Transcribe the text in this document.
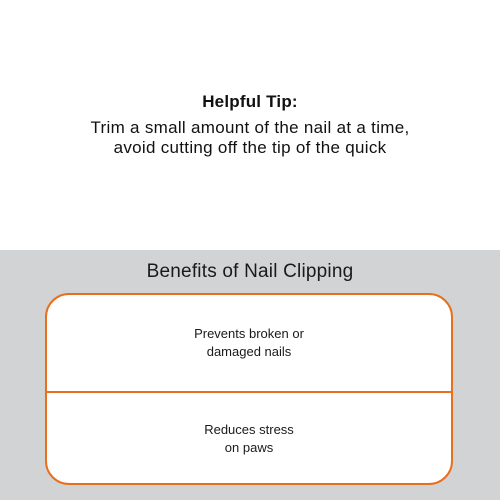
Helpful Tip:
Trim a small amount of the nail at a time,
avoid cutting off the tip of the quick
Benefits of Nail Clipping
Prevents broken or
damaged nails
Reduces stress
on paws
